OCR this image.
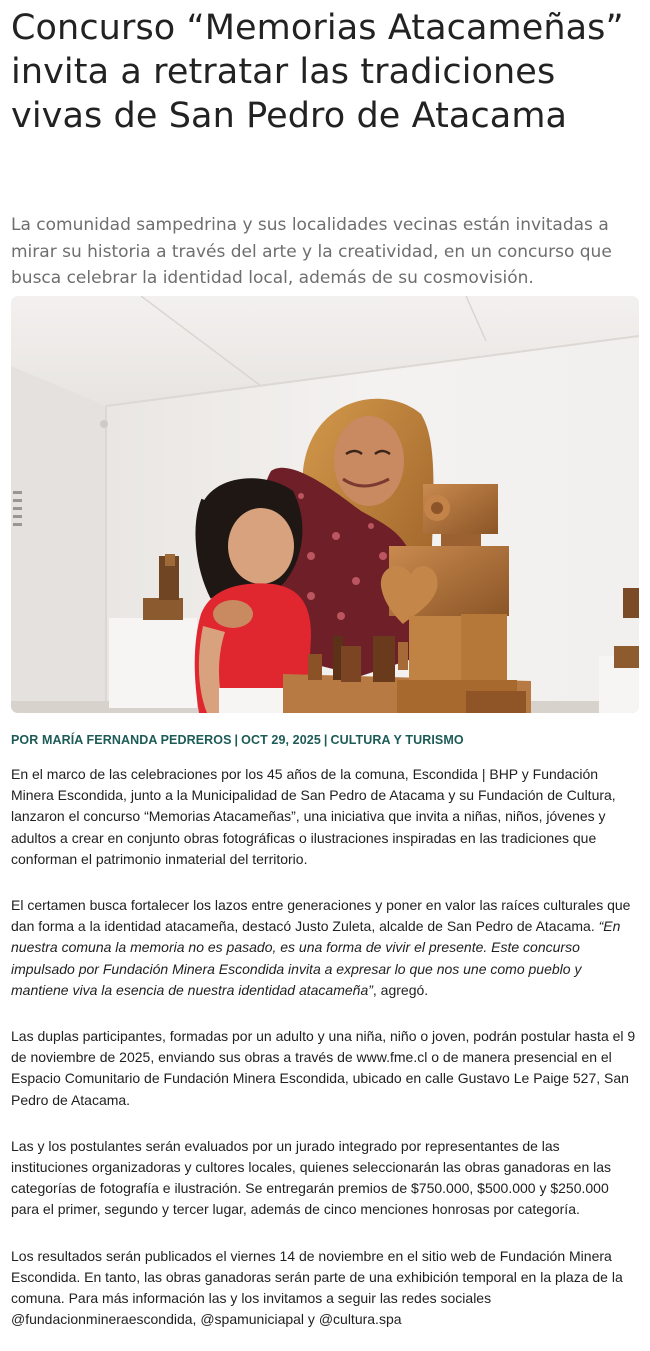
Concurso “Memorias Atacameñas” invita a retratar las tradiciones vivas de San Pedro de Atacama

La comunidad sampedrina y sus localidades vecinas están invitadas a mirar su historia a través del arte y la creatividad, en un concurso que busca celebrar la identidad local, además de su cosmovisión.

POR MARÍA FERNANDA PEDREROS | OCT 29, 2025 | CULTURA Y TURISMO

En el marco de las celebraciones por los 45 años de la comuna, Escondida | BHP y Fundación Minera Escondida, junto a la Municipalidad de San Pedro de Atacama y su Fundación de Cultura, lanzaron el concurso “Memorias Atacameñas”, una iniciativa que invita a niñas, niños, jóvenes y adultos a crear en conjunto obras fotográficas o ilustraciones inspiradas en las tradiciones que conforman el patrimonio inmaterial del territorio.

El certamen busca fortalecer los lazos entre generaciones y poner en valor las raíces culturales que dan forma a la identidad atacameña, destacó Justo Zuleta, alcalde de San Pedro de Atacama. “En nuestra comuna la memoria no es pasado, es una forma de vivir el presente. Este concurso impulsado por Fundación Minera Escondida invita a expresar lo que nos une como pueblo y mantiene viva la esencia de nuestra identidad atacameña”, agregó.

Las duplas participantes, formadas por un adulto y una niña, niño o joven, podrán postular hasta el 9 de noviembre de 2025, enviando sus obras a través de www.fme.cl o de manera presencial en el Espacio Comunitario de Fundación Minera Escondida, ubicado en calle Gustavo Le Paige 527, San Pedro de Atacama.

Las y los postulantes serán evaluados por un jurado integrado por representantes de las instituciones organizadoras y cultores locales, quienes seleccionarán las obras ganadoras en las categorías de fotografía e ilustración. Se entregarán premios de $750.000, $500.000 y $250.000 para el primer, segundo y tercer lugar, además de cinco menciones honrosas por categoría.

Los resultados serán publicados el viernes 14 de noviembre en el sitio web de Fundación Minera Escondida. En tanto, las obras ganadoras serán parte de una exhibición temporal en la plaza de la comuna. Para más información las y los invitamos a seguir las redes sociales @fundacionmineraescondida, @spamuniciapal y @cultura.spa
